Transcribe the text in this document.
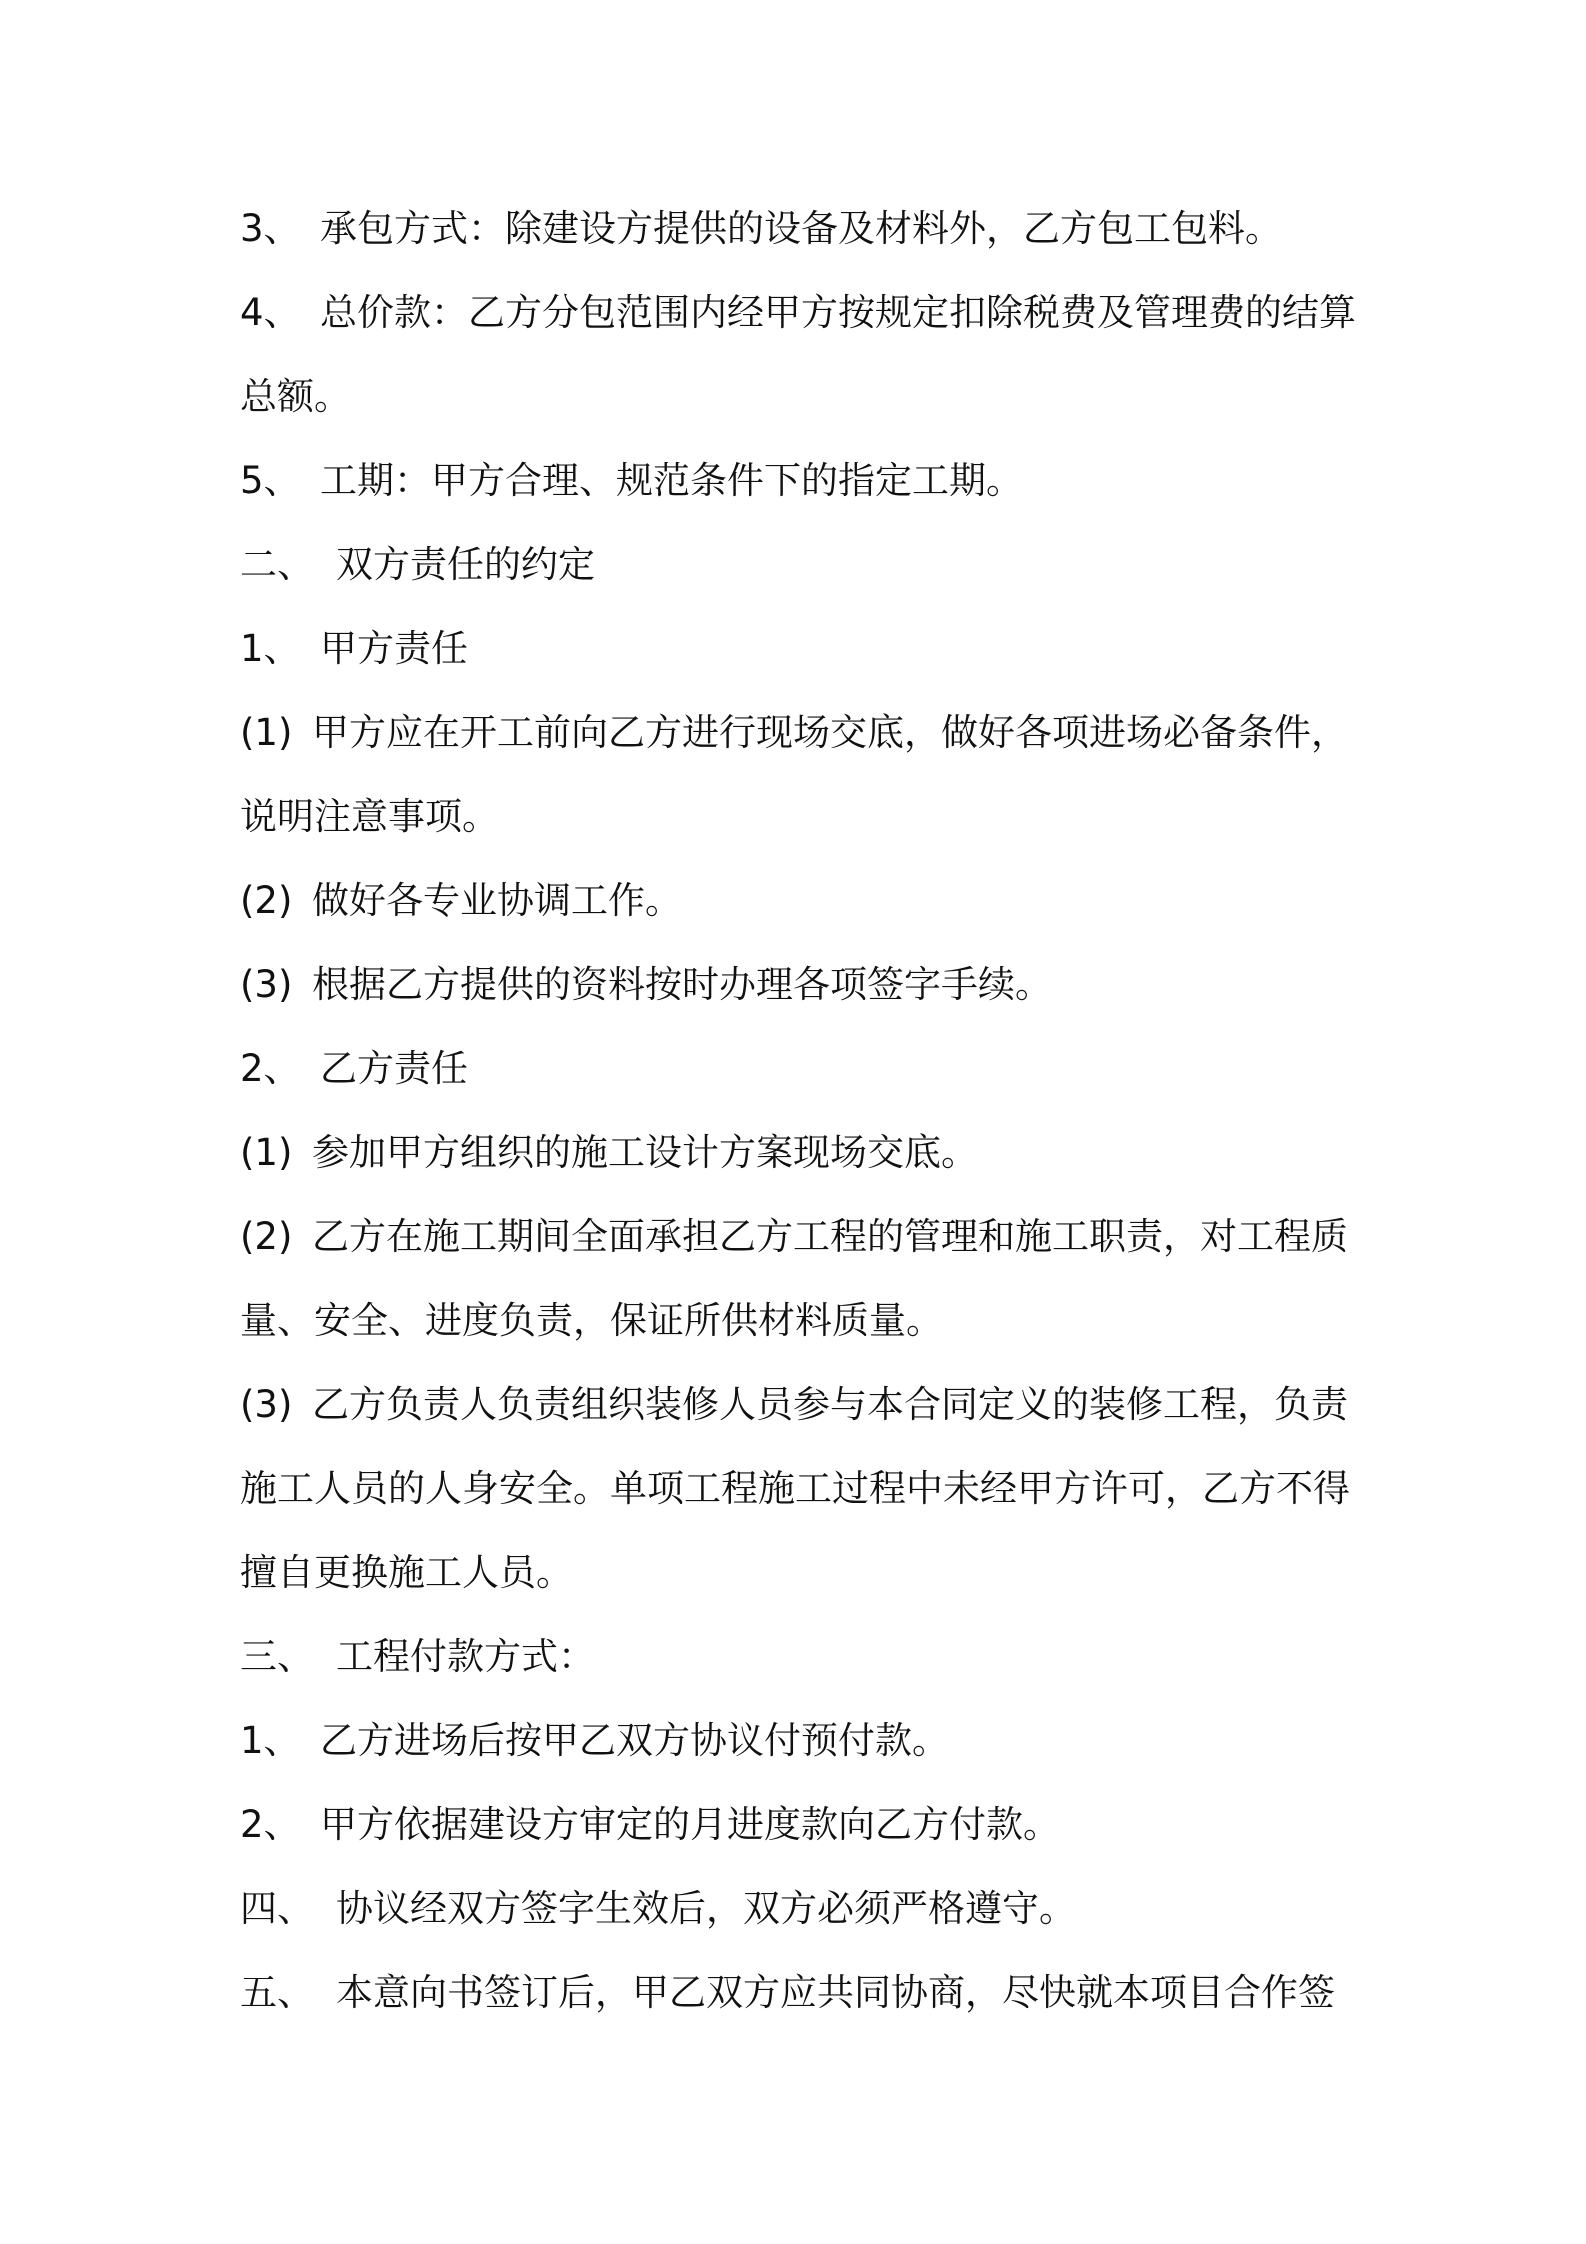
3、 承包方式：除建设方提供的设备及材料外，乙方包工包料。
4、 总价款：乙方分包范围内经甲方按规定扣除税费及管理费的结算
总额。
5、 工期：甲方合理、规范条件下的指定工期。
二、 双方责任的约定
1、 甲方责任
(1) 甲方应在开工前向乙方进行现场交底，做好各项进场必备条件，
说明注意事项。
(2) 做好各专业协调工作。
(3) 根据乙方提供的资料按时办理各项签字手续。
2、 乙方责任
(1) 参加甲方组织的施工设计方案现场交底。
(2) 乙方在施工期间全面承担乙方工程的管理和施工职责，对工程质
量、安全、进度负责，保证所供材料质量。
(3) 乙方负责人负责组织装修人员参与本合同定义的装修工程，负责
施工人员的人身安全。单项工程施工过程中未经甲方许可，乙方不得
擅自更换施工人员。
三、 工程付款方式：
1、 乙方进场后按甲乙双方协议付预付款。
2、 甲方依据建设方审定的月进度款向乙方付款。
四、 协议经双方签字生效后，双方必须严格遵守。
五、 本意向书签订后，甲乙双方应共同协商，尽快就本项目合作签
